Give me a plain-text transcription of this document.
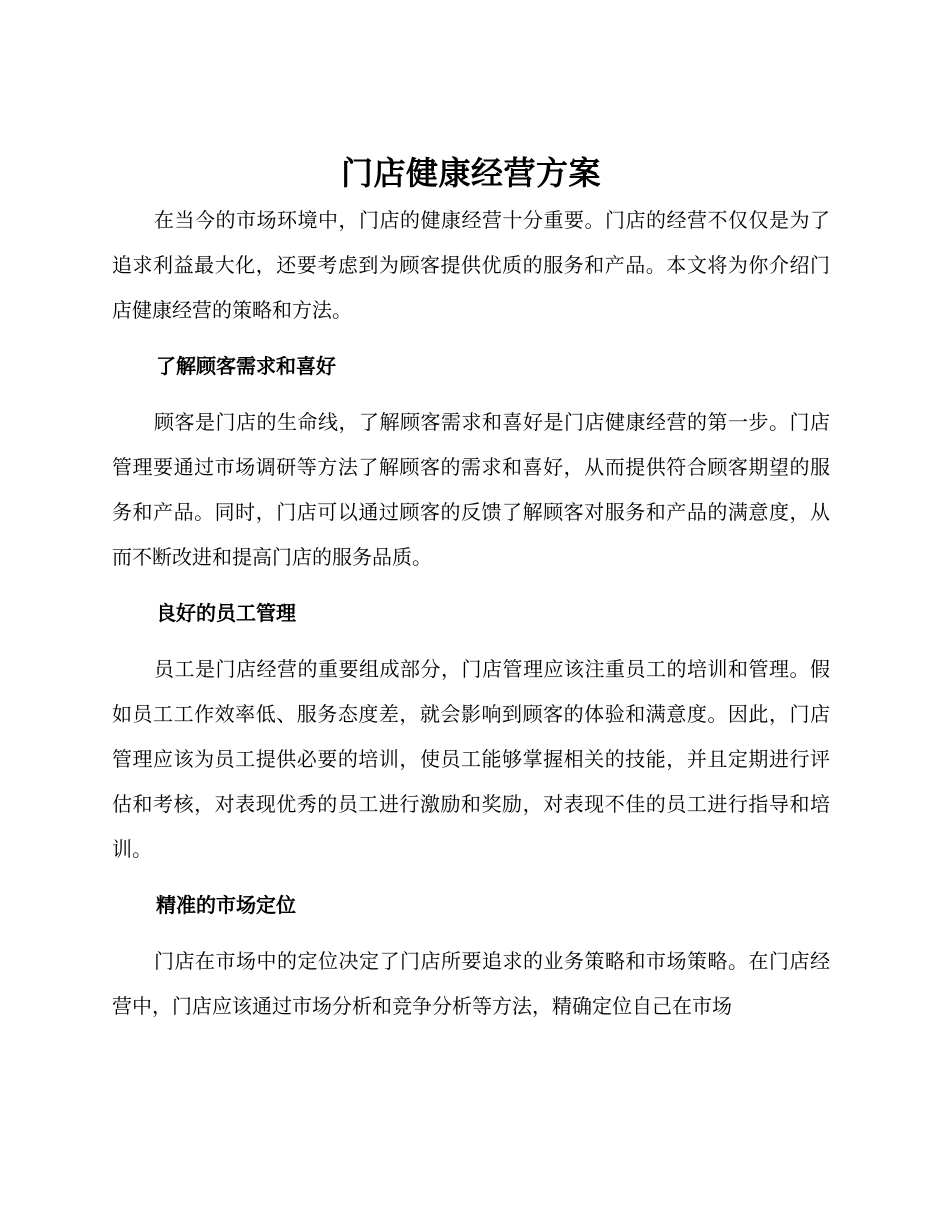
门店健康经营方案

在当今的市场环境中，门店的健康经营十分重要。门店的经营不仅仅是为了追求利益最大化，还要考虑到为顾客提供优质的服务和产品。本文将为你介绍门店健康经营的策略和方法。

了解顾客需求和喜好

顾客是门店的生命线，了解顾客需求和喜好是门店健康经营的第一步。门店管理要通过市场调研等方法了解顾客的需求和喜好，从而提供符合顾客期望的服务和产品。同时，门店可以通过顾客的反馈了解顾客对服务和产品的满意度，从而不断改进和提高门店的服务品质。

良好的员工管理

员工是门店经营的重要组成部分，门店管理应该注重员工的培训和管理。假如员工工作效率低、服务态度差，就会影响到顾客的体验和满意度。因此，门店管理应该为员工提供必要的培训，使员工能够掌握相关的技能，并且定期进行评估和考核，对表现优秀的员工进行激励和奖励，对表现不佳的员工进行指导和培训。

精准的市场定位

门店在市场中的定位决定了门店所要追求的业务策略和市场策略。在门店经营中，门店应该通过市场分析和竞争分析等方法，精确定位自己在市场
